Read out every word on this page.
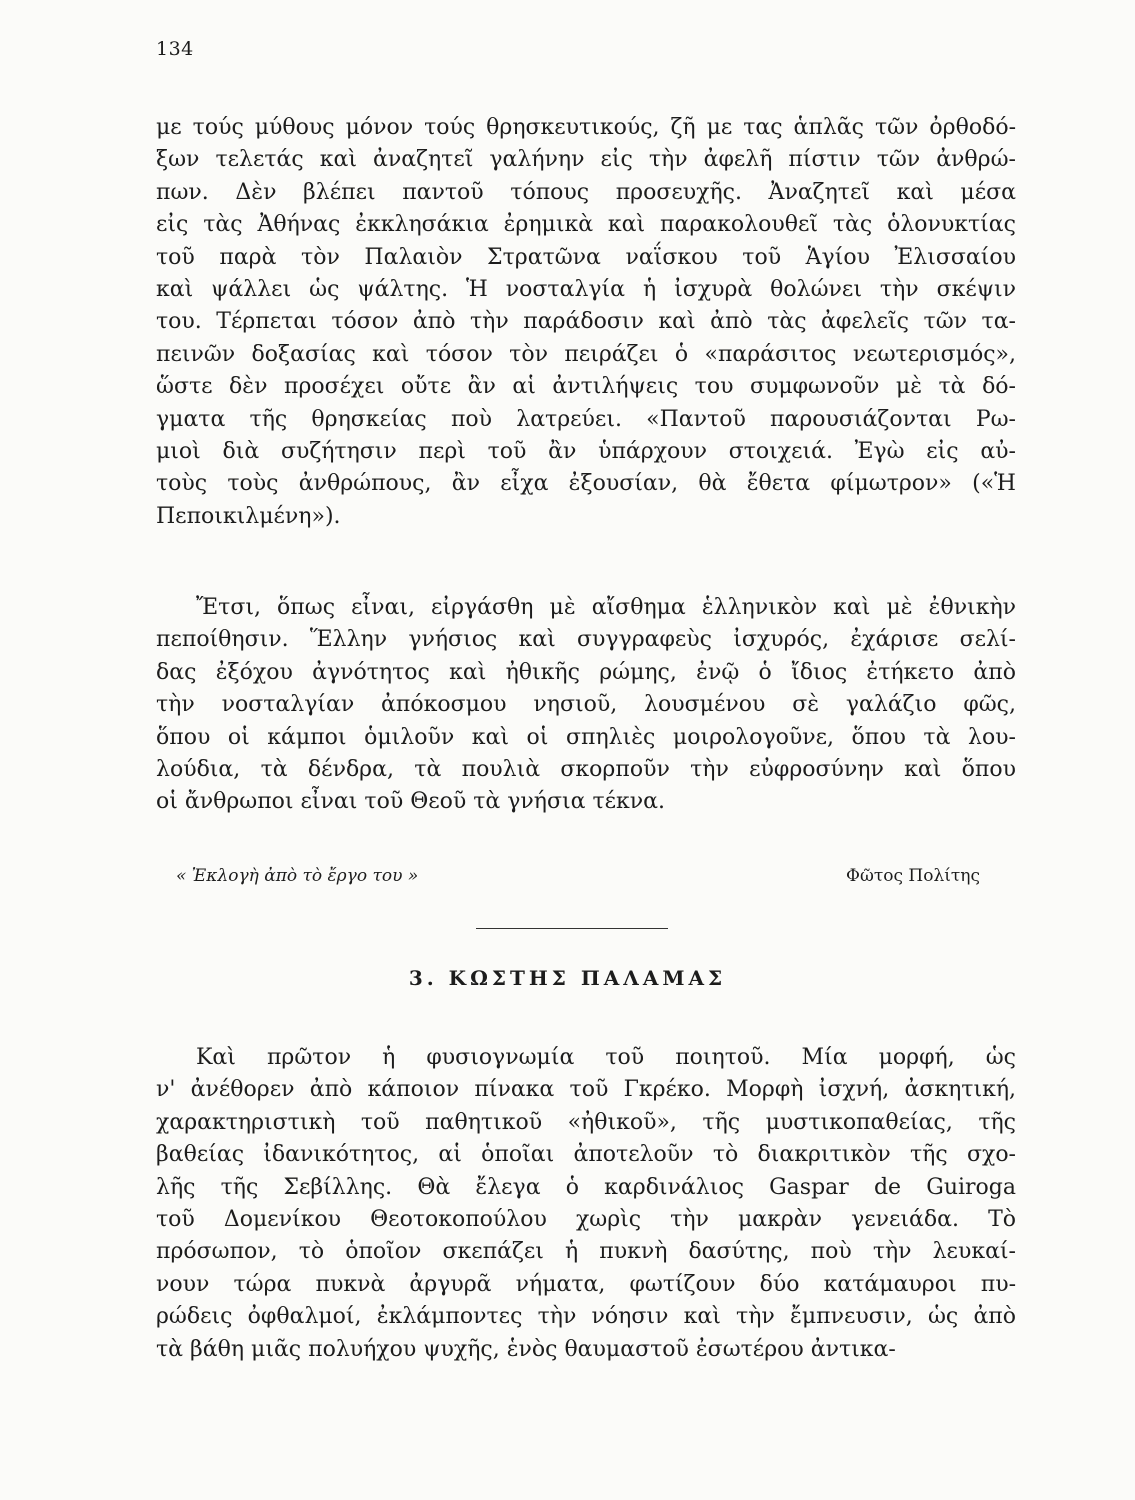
134
με τούς μύθους μόνον τούς θρησκευτικούς, ζῆ με τας ἁπλᾶς τῶν ὀρθοδό-
ξων τελετάς καὶ ἀναζητεῖ γαλήνην εἰς τὴν ἀφελῆ πίστιν τῶν ἀνθρώ-
πων. Δὲν βλέπει παντοῦ τόπους προσευχῆς. Ἀναζητεῖ καὶ μέσα
εἰς τὰς Ἀθήνας ἐκκλησάκια ἐρημικὰ καὶ παρακολουθεῖ τὰς ὁλονυκτίας
τοῦ παρὰ τὸν Παλαιὸν Στρατῶνα ναΐσκου τοῦ Ἁγίου Ἐλισσαίου
καὶ ψάλλει ὡς ψάλτης. Ἡ νοσταλγία ἡ ἰσχυρὰ θολώνει τὴν σκέψιν
του. Τέρπεται τόσον ἀπὸ τὴν παράδοσιν καὶ ἀπὸ τὰς ἀφελεῖς τῶν τα-
πεινῶν δοξασίας καὶ τόσον τὸν πειράζει ὁ «παράσιτος νεωτερισμός»,
ὥστε δὲν προσέχει οὔτε ἂν αἱ ἀντιλήψεις του συμφωνοῦν μὲ τὰ δό-
γματα τῆς θρησκείας ποὺ λατρεύει. «Παντοῦ παρουσιάζονται Ρω-
μιοὶ διὰ συζήτησιν περὶ τοῦ ἂν ὑπάρχουν στοιχειά. Ἐγὼ εἰς αὐ-
τοὺς τοὺς ἀνθρώπους, ἂν εἶχα ἐξουσίαν, θὰ ἔθετα φίμωτρον» («Ἡ
Πεποικιλμένη»).
Ἔτσι, ὅπως εἶναι, εἰργάσθη μὲ αἴσθημα ἑλληνικὸν καὶ μὲ ἐθνικὴν
πεποίθησιν. Ἕλλην γνήσιος καὶ συγγραφεὺς ἰσχυρός, ἐχάρισε σελί-
δας ἐξόχου ἀγνότητος καὶ ἠθικῆς ρώμης, ἐνῷ ὁ ἴδιος ἐτήκετο ἀπὸ
τὴν νοσταλγίαν ἀπόκοσμου νησιοῦ, λουσμένου σὲ γαλάζιο φῶς,
ὅπου οἱ κάμποι ὁμιλοῦν καὶ οἱ σπηλιὲς μοιρολογοῦνε, ὅπου τὰ λου-
λούδια, τὰ δένδρα, τὰ πουλιὰ σκορποῦν τὴν εὐφροσύνην καὶ ὅπου
οἱ ἄνθρωποι εἶναι τοῦ Θεοῦ τὰ γνήσια τέκνα.
« Ἐκλογὴ ἀπὸ τὸ ἔργο του »	Φῶτος Πολίτης
3. ΚΩΣΤΗΣ ΠΑΛΑΜΑΣ
Καὶ πρῶτον ἡ φυσιογνωμία τοῦ ποιητοῦ. Μία μορφή, ὡς
ν' ἀνέθορεν ἀπὸ κάποιον πίνακα τοῦ Γκρέκο. Μορφὴ ἰσχνή, ἀσκητική,
χαρακτηριστικὴ τοῦ παθητικοῦ «ἠθικοῦ», τῆς μυστικοπαθείας, τῆς
βαθείας ἰδανικότητος, αἱ ὁποῖαι ἀποτελοῦν τὸ διακριτικὸν τῆς σχο-
λῆς τῆς Σεβίλλης. Θὰ ἔλεγα ὁ καρδινάλιος Gaspar de Guiroga
τοῦ Δομενίκου Θεοτοκοπούλου χωρὶς τὴν μακρὰν γενειάδα. Τὸ
πρόσωπον, τὸ ὁποῖον σκεπάζει ἡ πυκνὴ δασύτης, ποὺ τὴν λευκαί-
νουν τώρα πυκνὰ ἀργυρᾶ νήματα, φωτίζουν δύο κατάμαυροι πυ-
ρώδεις ὀφθαλμοί, ἐκλάμποντες τὴν νόησιν καὶ τὴν ἔμπνευσιν, ὡς ἀπὸ
τὰ βάθη μιᾶς πολυήχου ψυχῆς, ἑνὸς θαυμαστοῦ ἐσωτέρου ἀντικα-
